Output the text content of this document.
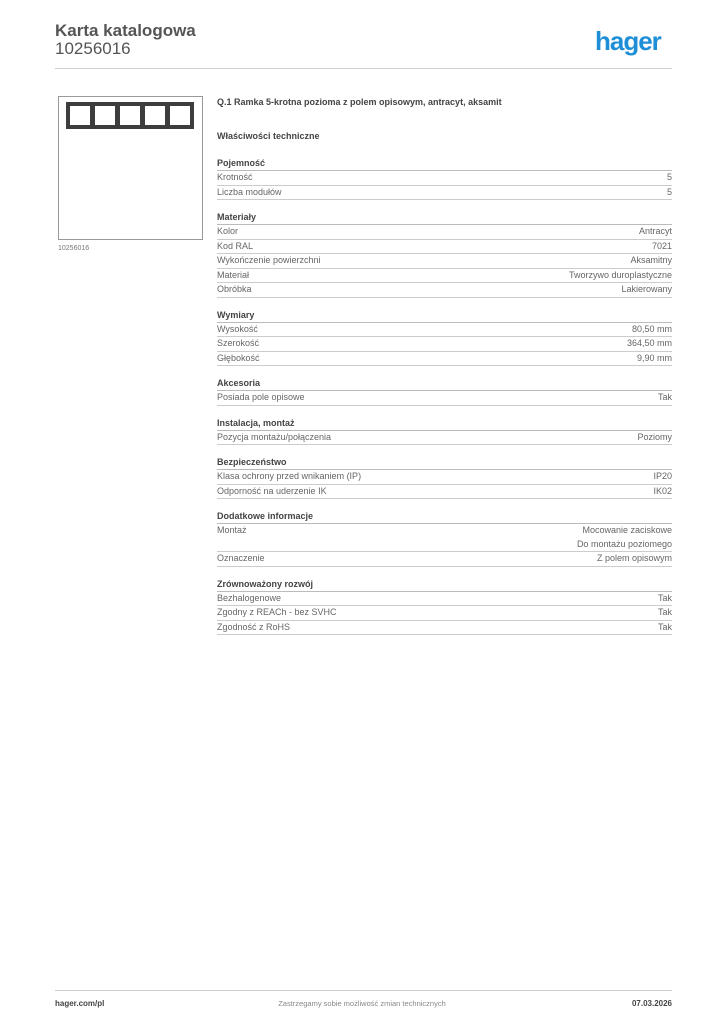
Karta katalogowa
10256016	hager
10256016
Q.1 Ramka 5-krotna pozioma z polem opisowym, antracyt, aksamit
Właściwości techniczne
Pojemność
Krotność	5
Liczba modułów	5
Materiały
Kolor	Antracyt
Kod RAL	7021
Wykończenie powierzchni	Aksamitny
Materiał	Tworzywo duroplastyczne
Obróbka	Lakierowany
Wymiary
Wysokość	80,50 mm
Szerokość	364,50 mm
Głębokość	9,90 mm
Akcesoria
Posiada pole opisowe	Tak
Instalacja, montaż
Pozycja montażu/połączenia	Poziomy
Bezpieczeństwo
Klasa ochrony przed wnikaniem (IP)	IP20
Odporność na uderzenie IK	IK02
Dodatkowe informacje
Montaż	Mocowanie zaciskowe
Do montażu poziomego
Oznaczenie	Z polem opisowym
Zrównoważony rozwój
Bezhalogenowe	Tak
Zgodny z REACh - bez SVHC	Tak
Zgodność z RoHS	Tak
hager.com/pl	Zastrzegamy sobie możliwość zmian technicznych	07.03.2026
